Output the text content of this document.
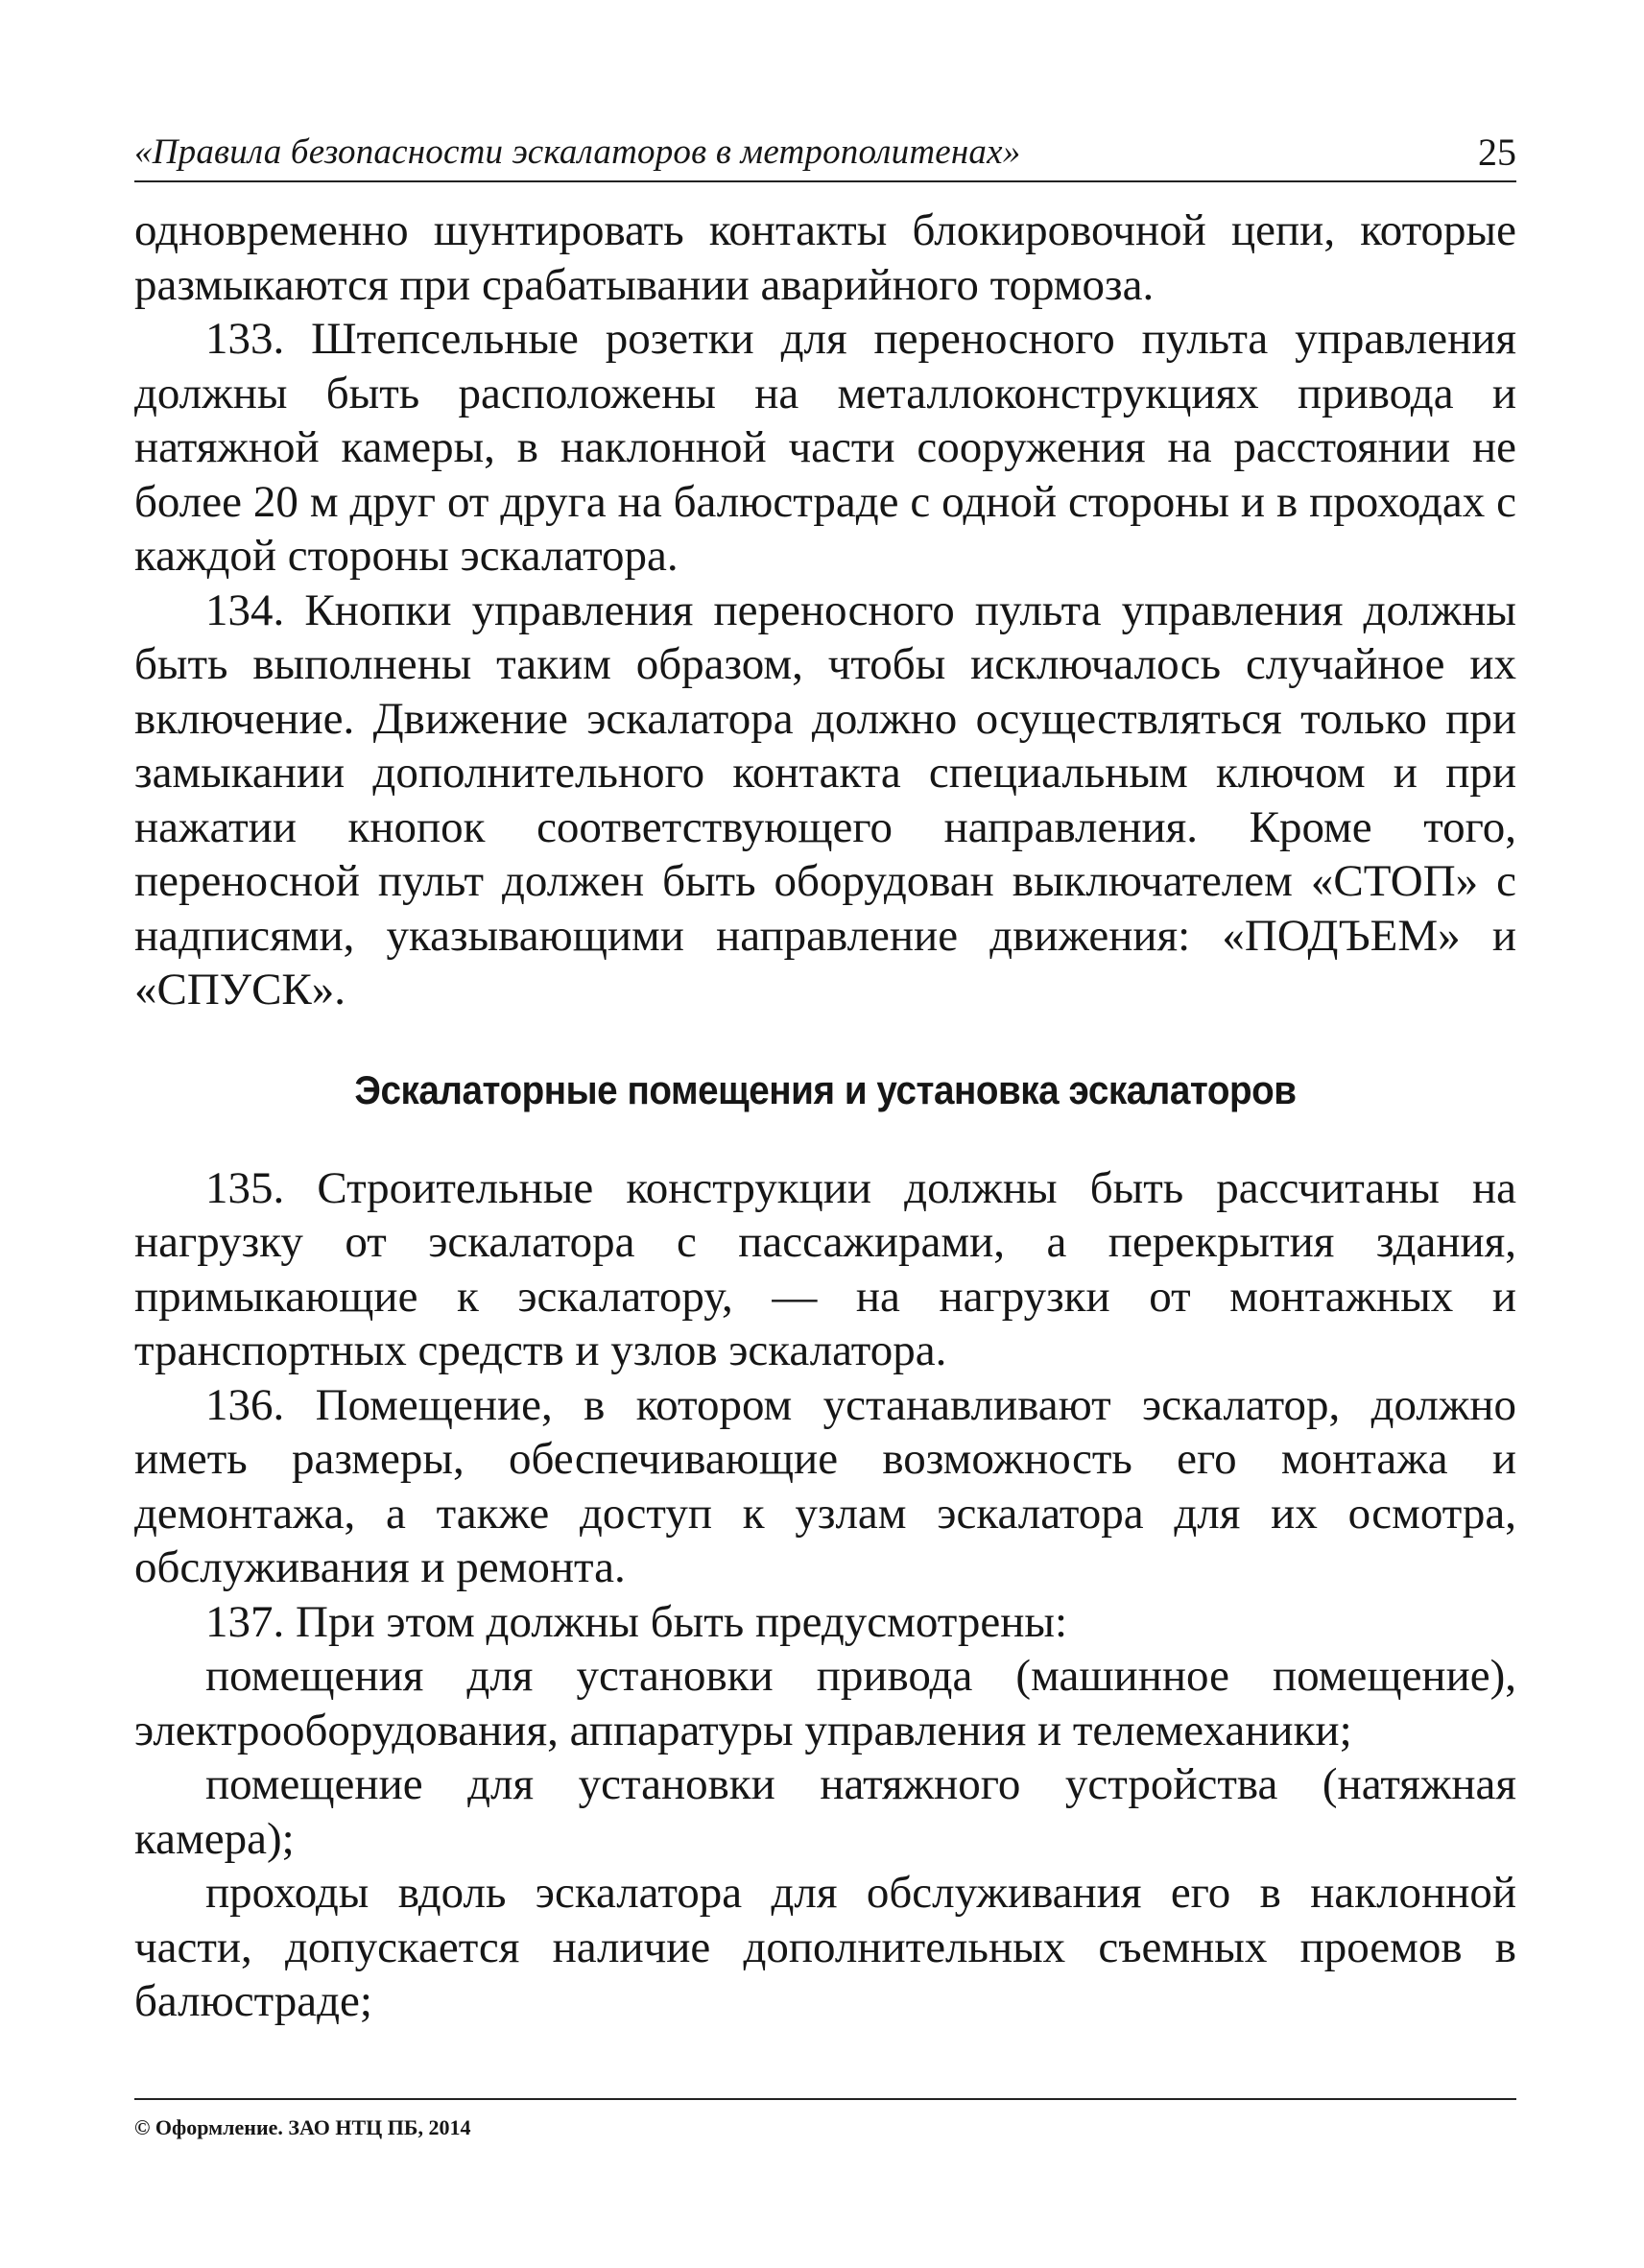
«Правила безопасности эскалаторов в метрополитенах»	25

одновременно шунтировать контакты блокировочной цепи, которые размыкаются при срабатывании аварийного тормоза.

133. Штепсельные розетки для переносного пульта управления должны быть расположены на металлоконструкциях привода и натяжной камеры, в наклонной части сооружения на расстоянии не более 20 м друг от друга на балюстраде с одной стороны и в проходах с каждой стороны эскалатора.

134. Кнопки управления переносного пульта управления должны быть выполнены таким образом, чтобы исключалось случайное их включение. Движение эскалатора должно осуществляться только при замыкании дополнительного контакта специальным ключом и при нажатии кнопок соответствующего направления. Кроме того, переносной пульт должен быть оборудован выключателем «СТОП» с надписями, указывающими направление движения: «ПОДЪЕМ» и «СПУСК».

Эскалаторные помещения и установка эскалаторов

135. Строительные конструкции должны быть рассчитаны на нагрузку от эскалатора с пассажирами, а перекрытия здания, примыкающие к эскалатору, — на нагрузки от монтажных и транспортных средств и узлов эскалатора.

136. Помещение, в котором устанавливают эскалатор, должно иметь размеры, обеспечивающие возможность его монтажа и демонтажа, а также доступ к узлам эскалатора для их осмотра, обслуживания и ремонта.

137. При этом должны быть предусмотрены:

помещения для установки привода (машинное помещение), электрооборудования, аппаратуры управления и телемеханики;

помещение для установки натяжного устройства (натяжная камера);

проходы вдоль эскалатора для обслуживания его в наклонной части, допускается наличие дополнительных съемных проемов в балюстраде;

© Оформление. ЗАО НТЦ ПБ, 2014
